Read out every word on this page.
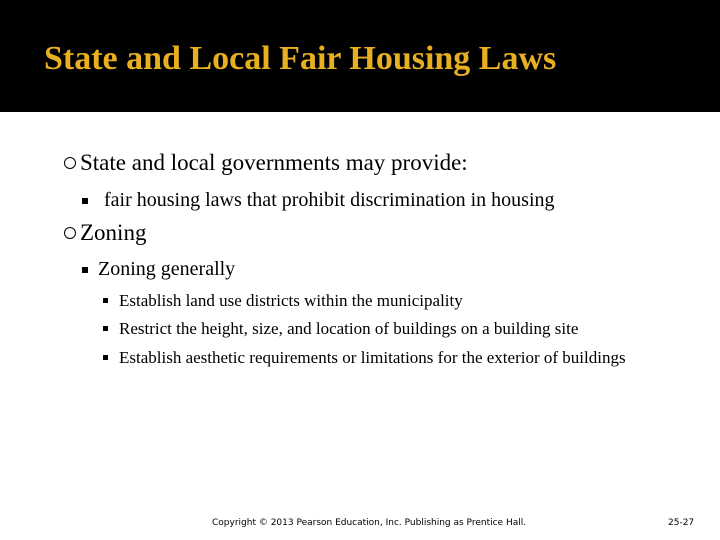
State and Local Fair Housing Laws
State and local governments may provide:
fair housing laws that prohibit discrimination in housing
Zoning
Zoning generally
Establish land use districts within the municipality
Restrict the height, size, and location of buildings on a building site
Establish aesthetic requirements or limitations for the exterior of buildings
Copyright © 2013 Pearson Education, Inc. Publishing as Prentice Hall.	25-27
